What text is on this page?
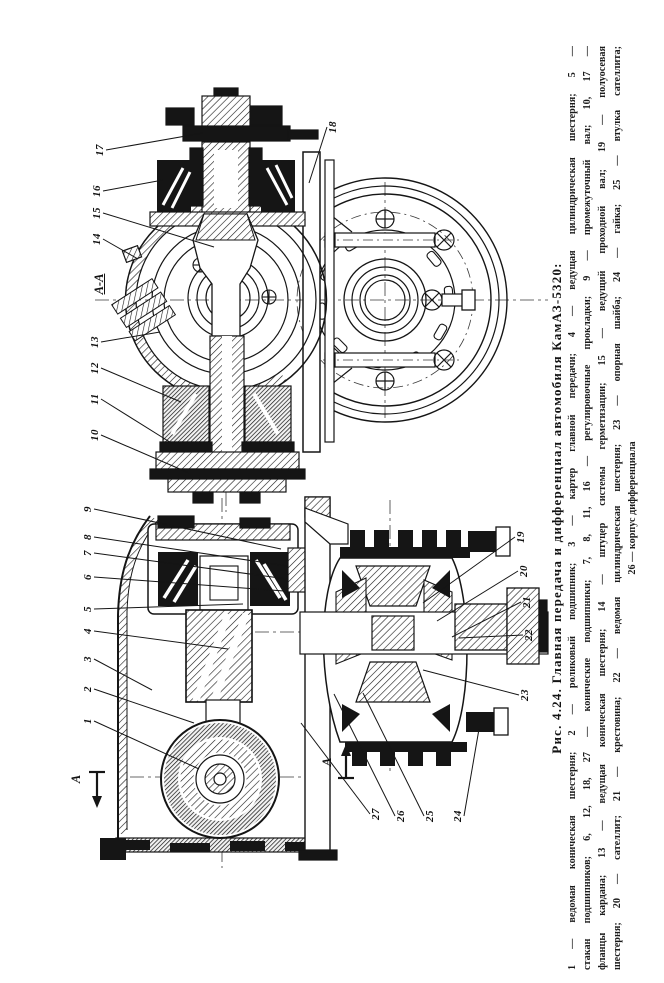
Рис. 4.24. Главная передача и дифференциал автомобиля КамАЗ-5320: 1 — ведомая коническая шестерня; 2 — роликовый подшипник; 3 — картер главной передачи; 4 — ведущая цилиндрическая шестерня; 5 — стакан подшипников; 6, 12, 18, 27 — конические подшипники; 7, 8, 11, 16 — регулировочные прокладки; 9 — промежуточный вал; 10, 17 — фланцы кардана; 13 — ведущая коническая шестерня; 14 — штуцер системы герметизации; 15 — ведущий проходной вал; 19 — полуосевая шестерня; 20 — сателлит; 21 — крестовина; 22 — ведомая цилиндрическая шестерня; 23 — опорная шайба; 24 — гайка; 25 — втулка сателлита; 26 — корпус дифференциала
А-А
17
16
15
14
13
12
11
10
18
9
8
7
6
5
4
3
2
1
19
20
21
22
23
27 26 25 24
А
А
